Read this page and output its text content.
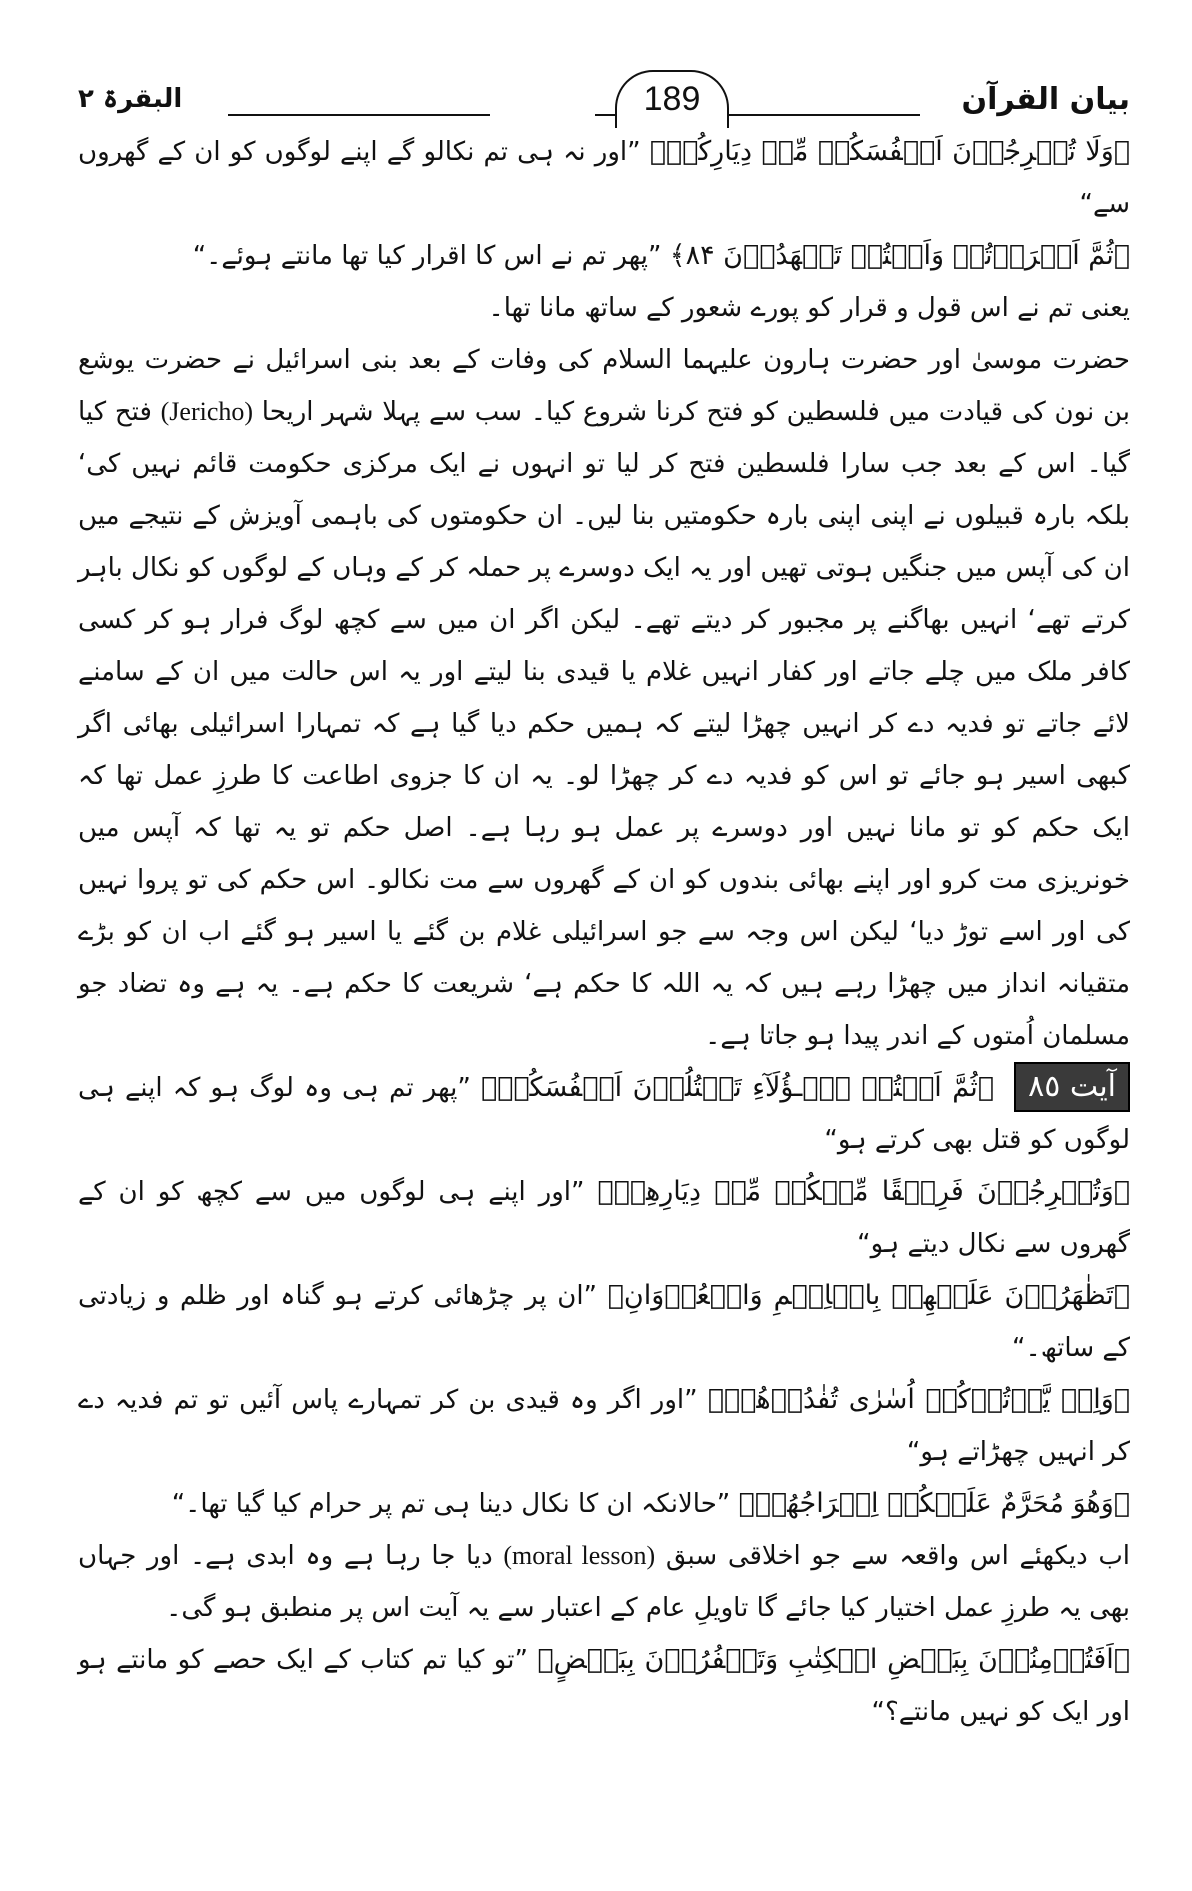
بیان القرآن
189
البقرۃ ٢

﴿وَلَا تُخۡرِجُوۡنَ اَنۡفُسَکُمۡ مِّنۡ دِیَارِکُمۡ﴾ ”اور نہ ہی تم نکالو گے اپنے لوگوں کو ان کے گھروں سے“

﴿ثُمَّ اَقۡرَرۡتُمۡ وَاَنۡتُمۡ تَشۡهَدُوۡنَ ۸۴﴾ ”پھر تم نے اس کا اقرار کیا تھا مانتے ہوئے۔“

یعنی تم نے اس قول و قرار کو پورے شعور کے ساتھ مانا تھا۔

حضرت موسیٰ اور حضرت ہارون علیہما السلام کی وفات کے بعد بنی اسرائیل نے حضرت یوشع بن نون کی قیادت میں فلسطین کو فتح کرنا شروع کیا۔ سب سے پہلا شہر اریحا (Jericho) فتح کیا گیا۔ اس کے بعد جب سارا فلسطین فتح کر لیا تو انہوں نے ایک مرکزی حکومت قائم نہیں کی‘ بلکہ بارہ قبیلوں نے اپنی اپنی بارہ حکومتیں بنا لیں۔ ان حکومتوں کی باہمی آویزش کے نتیجے میں ان کی آپس میں جنگیں ہوتی تھیں اور یہ ایک دوسرے پر حملہ کر کے وہاں کے لوگوں کو نکال باہر کرتے تھے‘ انہیں بھاگنے پر مجبور کر دیتے تھے۔ لیکن اگر ان میں سے کچھ لوگ فرار ہو کر کسی کافر ملک میں چلے جاتے اور کفار انہیں غلام یا قیدی بنا لیتے اور یہ اس حالت میں ان کے سامنے لائے جاتے تو فدیہ دے کر انہیں چھڑا لیتے کہ ہمیں حکم دیا گیا ہے کہ تمہارا اسرائیلی بھائی اگر کبھی اسیر ہو جائے تو اس کو فدیہ دے کر چھڑا لو۔ یہ ان کا جزوی اطاعت کا طرزِ عمل تھا کہ ایک حکم کو تو مانا نہیں اور دوسرے پر عمل ہو رہا ہے۔ اصل حکم تو یہ تھا کہ آپس میں خونریزی مت کرو اور اپنے بھائی بندوں کو ان کے گھروں سے مت نکالو۔ اس حکم کی تو پروا نہیں کی اور اسے توڑ دیا‘ لیکن اس وجہ سے جو اسرائیلی غلام بن گئے یا اسیر ہو گئے اب ان کو بڑے متقیانہ انداز میں چھڑا رہے ہیں کہ یہ اللہ کا حکم ہے‘ شریعت کا حکم ہے۔ یہ ہے وہ تضاد جو مسلمان اُمتوں کے اندر پیدا ہو جاتا ہے۔

آیت ٨٥ ﴿ثُمَّ اَنۡتُمۡ هٰۤـؤُلَآءِ تَقۡتُلُوۡنَ اَنۡفُسَکُمۡ﴾ ”پھر تم ہی وہ لوگ ہو کہ اپنے ہی لوگوں کو قتل بھی کرتے ہو“

﴿وَتُخۡرِجُوۡنَ فَرِیۡقًا مِّنۡکُمۡ مِّنۡ دِیَارِهِمۡ﴾ ”اور اپنے ہی لوگوں میں سے کچھ کو ان کے گھروں سے نکال دیتے ہو“

﴿تَظٰهَرُوۡنَ عَلَیۡهِمۡ بِالۡاِثۡمِ وَالۡعُدۡوَانِ﴾ ”ان پر چڑھائی کرتے ہو گناہ اور ظلم و زیادتی کے ساتھ۔“

﴿وَاِنۡ یَّاۡتُوۡکُمۡ اُسٰرٰی تُفٰدُوۡهُمۡ﴾ ”اور اگر وہ قیدی بن کر تمہارے پاس آئیں تو تم فدیہ دے کر انہیں چھڑاتے ہو“

﴿وَهُوَ مُحَرَّمٌ عَلَیۡکُمۡ اِخۡرَاجُهُمۡ﴾ ”حالانکہ ان کا نکال دینا ہی تم پر حرام کیا گیا تھا۔“

اب دیکھئے اس واقعہ سے جو اخلاقی سبق (moral lesson) دیا جا رہا ہے وہ ابدی ہے۔ اور جہاں بھی یہ طرزِ عمل اختیار کیا جائے گا تاویلِ عام کے اعتبار سے یہ آیت اس پر منطبق ہو گی۔

﴿اَفَتُؤۡمِنُوۡنَ بِبَعۡضِ الۡکِتٰبِ وَتَکۡفُرُوۡنَ بِبَعۡضٍ﴾ ”تو کیا تم کتاب کے ایک حصے کو مانتے ہو اور ایک کو نہیں مانتے؟“
